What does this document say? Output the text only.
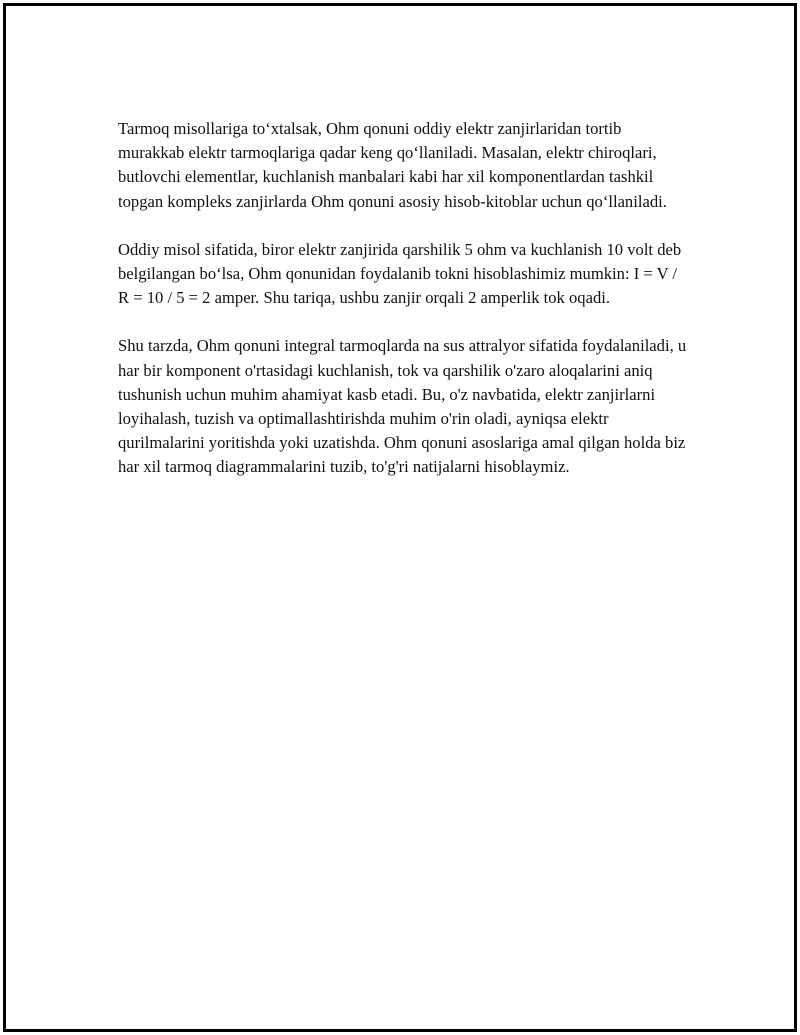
Tarmoq misollariga to‘xtalsak, Ohm qonuni oddiy elektr zanjirlaridan tortib murakkab elektr tarmoqlariga qadar keng qo‘llaniladi. Masalan, elektr chiroqlari, butlovchi elementlar, kuchlanish manbalari kabi har xil komponentlardan tashkil topgan kompleks zanjirlarda Ohm qonuni asosiy hisob-kitoblar uchun qo‘llaniladi.

Oddiy misol sifatida, biror elektr zanjirida qarshilik 5 ohm va kuchlanish 10 volt deb belgilangan bo‘lsa, Ohm qonunidan foydalanib tokni hisoblashimiz mumkin: I = V / R = 10 / 5 = 2 amper. Shu tariqa, ushbu zanjir orqali 2 amperlik tok oqadi.

Shu tarzda, Ohm qonuni integral tarmoqlarda na sus attralyor sifatida foydalaniladi, u har bir komponent o'rtasidagi kuchlanish, tok va qarshilik o'zaro aloqalarini aniq tushunish uchun muhim ahamiyat kasb etadi. Bu, o'z navbatida, elektr zanjirlarni loyihalash, tuzish va optimallashtirishda muhim o'rin oladi, ayniqsa elektr qurilmalarini yoritishda yoki uzatishda. Ohm qonuni asoslariga amal qilgan holda biz har xil tarmoq diagrammalarini tuzib, to'g'ri natijalarni hisoblaymiz.
